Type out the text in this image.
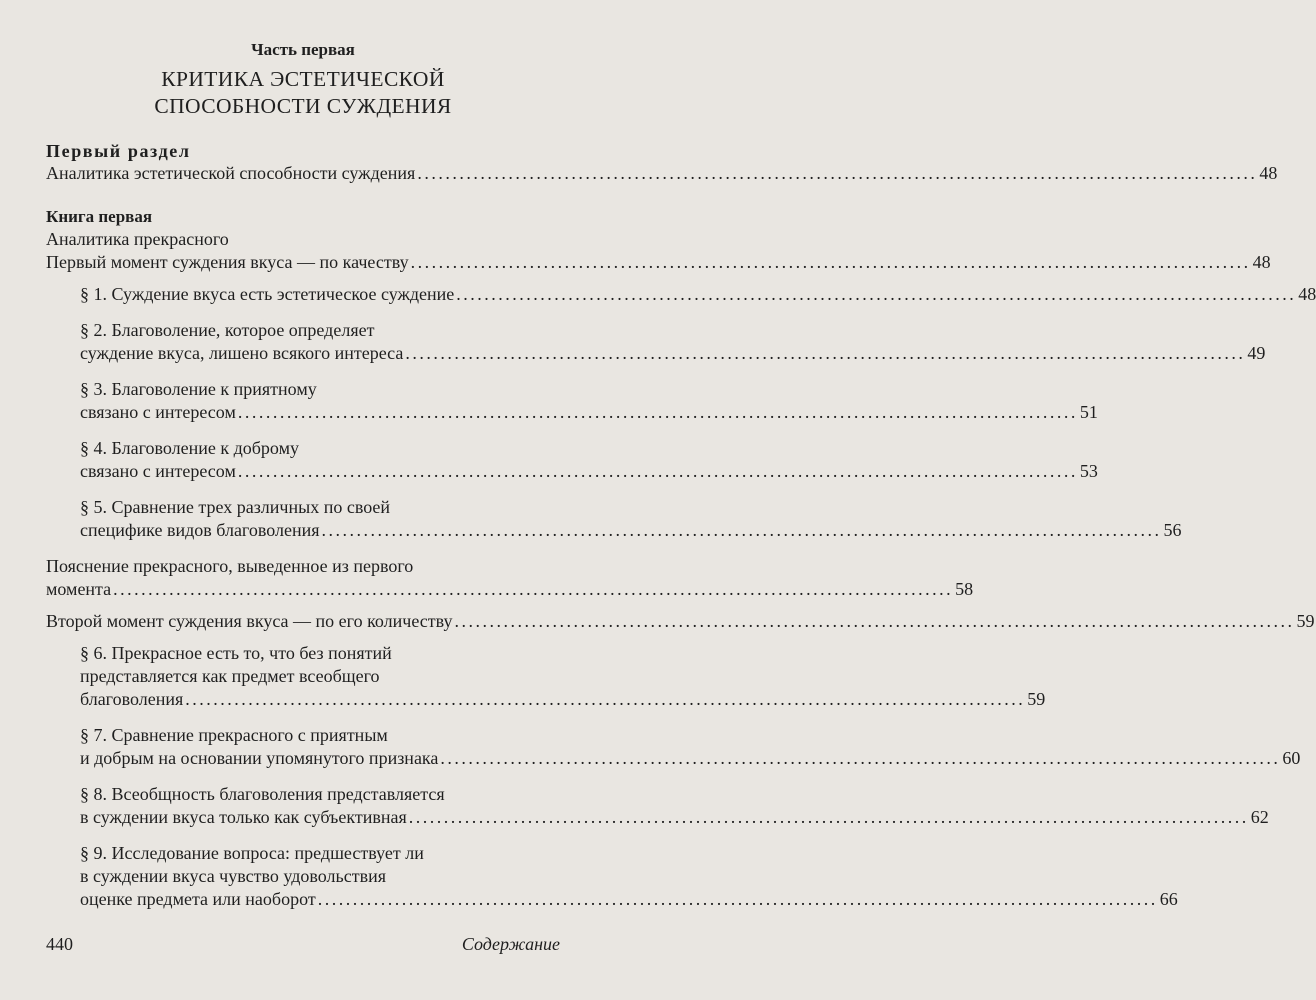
Часть первая
КРИТИКА ЭСТЕТИЧЕСКОЙ
СПОСОБНОСТИ СУЖДЕНИЯ
Первый раздел
Аналитика эстетической способности суждения ........................................................................................................................ 48
Книга первая
Аналитика прекрасного
Первый момент суждения вкуса — по качеству ........................................................................................................................ 48
§ 1. Суждение вкуса есть эстетическое суждение ........................................................................................................................ 48
§ 2. Благоволение, которое определяет
суждение вкуса, лишено всякого интереса ........................................................................................................................ 49
§ 3. Благоволение к приятному
связано с интересом ........................................................................................................................ 51
§ 4. Благоволение к доброму
связано с интересом ........................................................................................................................ 53
§ 5. Сравнение трех различных по своей
специфике видов благоволения ........................................................................................................................ 56
Пояснение прекрасного, выведенное из первого
момента ........................................................................................................................ 58
Второй момент суждения вкуса — по его количеству ........................................................................................................................ 59
§ 6. Прекрасное есть то, что без понятий
представляется как предмет всеобщего
благоволения ........................................................................................................................ 59
§ 7. Сравнение прекрасного с приятным
и добрым на основании упомянутого признака ........................................................................................................................ 60
§ 8. Всеобщность благоволения представляется
в суждении вкуса только как субъективная ........................................................................................................................ 62
§ 9. Исследование вопроса: предшествует ли
в суждении вкуса чувство удовольствия
оценке предмета или наоборот ........................................................................................................................ 66
440	Содержание
